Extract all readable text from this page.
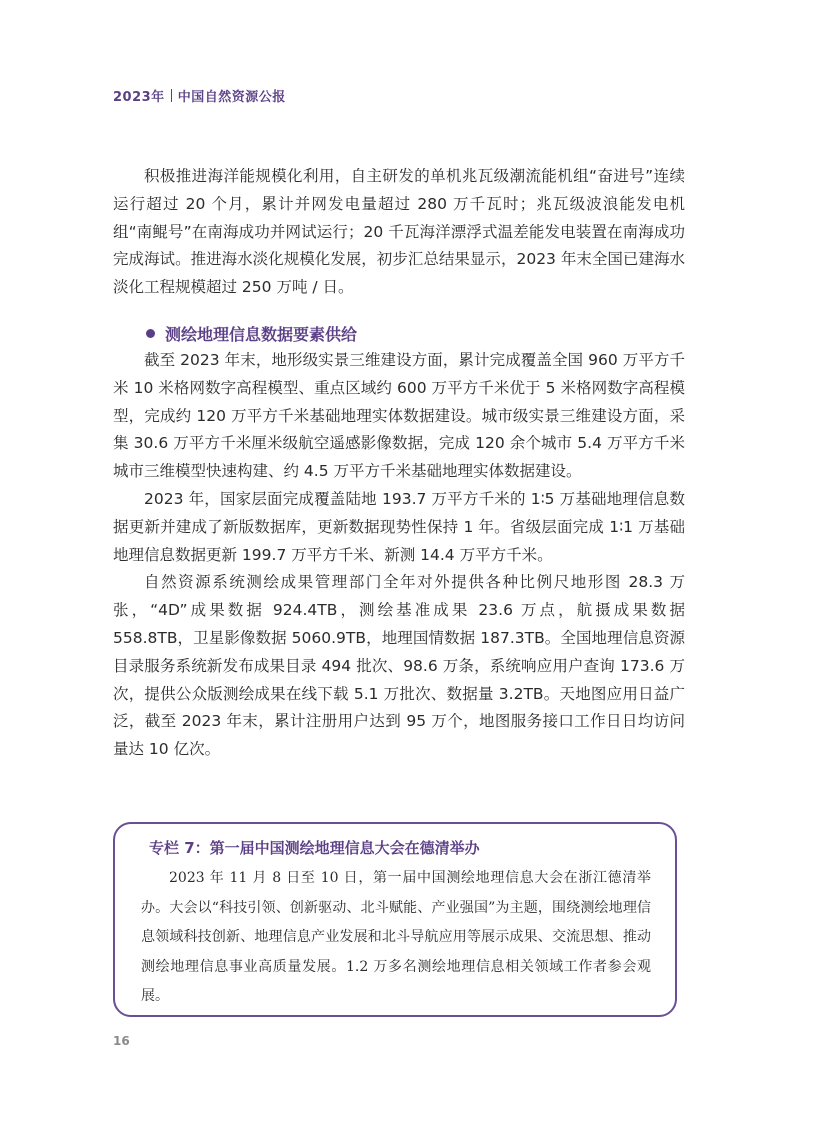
2023年 中国自然资源公报

积极推进海洋能规模化利用，自主研发的单机兆瓦级潮流能机组“奋进号”连续运行超过 20 个月，累计并网发电量超过 280 万千瓦时；兆瓦级波浪能发电机组“南鲲号”在南海成功并网试运行；20 千瓦海洋漂浮式温差能发电装置在南海成功完成海试。推进海水淡化规模化发展，初步汇总结果显示，2023 年末全国已建海水淡化工程规模超过 250 万吨 / 日。

测绘地理信息数据要素供给

截至 2023 年末，地形级实景三维建设方面，累计完成覆盖全国 960 万平方千米 10 米格网数字高程模型、重点区域约 600 万平方千米优于 5 米格网数字高程模型，完成约 120 万平方千米基础地理实体数据建设。城市级实景三维建设方面，采集 30.6 万平方千米厘米级航空遥感影像数据，完成 120 余个城市 5.4 万平方千米城市三维模型快速构建、约 4.5 万平方千米基础地理实体数据建设。

2023 年，国家层面完成覆盖陆地 193.7 万平方千米的 1∶5 万基础地理信息数据更新并建成了新版数据库，更新数据现势性保持 1 年。省级层面完成 1∶1 万基础地理信息数据更新 199.7 万平方千米、新测 14.4 万平方千米。

自然资源系统测绘成果管理部门全年对外提供各种比例尺地形图 28.3 万张，“4D”成果数据 924.4TB，测绘基准成果 23.6 万点，航摄成果数据 558.8TB，卫星影像数据 5060.9TB，地理国情数据 187.3TB。全国地理信息资源目录服务系统新发布成果目录 494 批次、98.6 万条，系统响应用户查询 173.6 万次，提供公众版测绘成果在线下载 5.1 万批次、数据量 3.2TB。天地图应用日益广泛，截至 2023 年末，累计注册用户达到 95 万个，地图服务接口工作日日均访问量达 10 亿次。

专栏 7：第一届中国测绘地理信息大会在德清举办

2023 年 11 月 8 日至 10 日，第一届中国测绘地理信息大会在浙江德清举办。大会以“科技引领、创新驱动、北斗赋能、产业强国”为主题，围绕测绘地理信息领域科技创新、地理信息产业发展和北斗导航应用等展示成果、交流思想、推动测绘地理信息事业高质量发展。1.2 万多名测绘地理信息相关领域工作者参会观展。

16
